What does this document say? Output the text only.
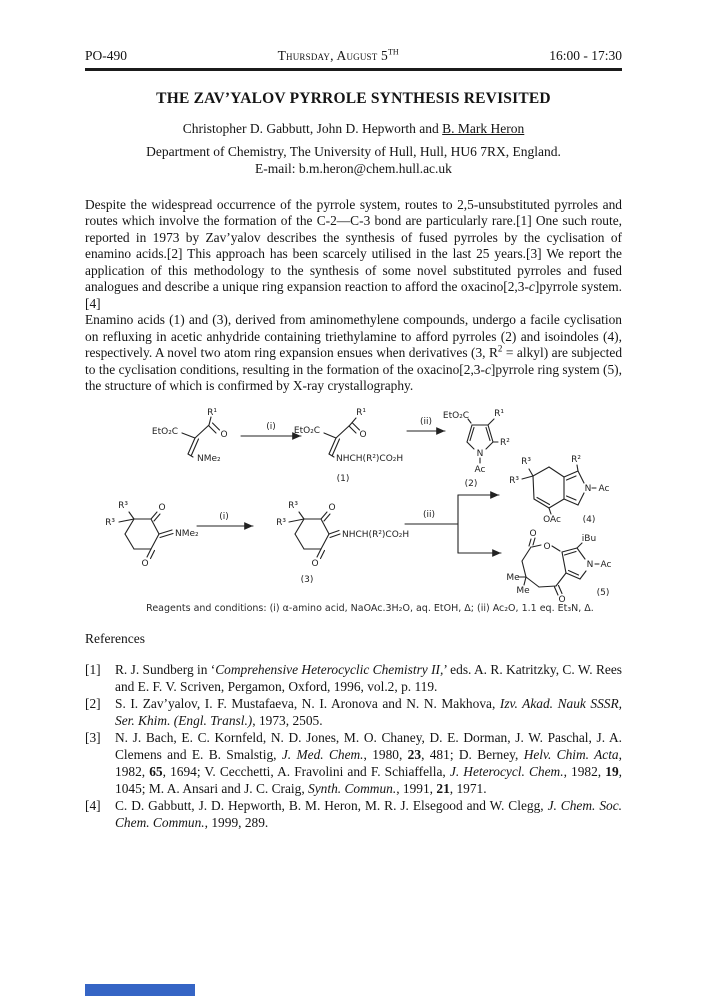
PO-490	Thursday, August 5TH	16:00 - 17:30
THE ZAV’YALOV PYRROLE SYNTHESIS REVISITED
Christopher D. Gabbutt, John D. Hepworth and B. Mark Heron
Department of Chemistry, The University of Hull, Hull, HU6 7RX, England.
E-mail: b.m.heron@chem.hull.ac.uk
Despite the widespread occurrence of the pyrrole system, routes to 2,5-unsubstituted pyrroles and routes which involve the formation of the C-2—C-3 bond are particularly rare.[1] One such route, reported in 1973 by Zav’yalov describes the synthesis of fused pyrroles by the cyclisation of enamino acids.[2] This approach has been scarcely utilised in the last 25 years.[3] We report the application of this methodology to the synthesis of some novel substituted pyrroles and fused analogues and describe a unique ring expansion reaction to afford the oxacino[2,3-c]pyrrole system.[4]
Enamino acids (1) and (3), derived from aminomethylene compounds, undergo a facile cyclisation on refluxing in acetic anhydride containing triethylamine to afford pyrroles (2) and isoindoles (4), respectively. A novel two atom ring expansion ensues when derivatives (3, $R^2$ = alkyl) are subjected to the cyclisation conditions, resulting in the formation of the oxacino[2,3-c]pyrrole ring system (5), the structure of which is confirmed by X-ray crystallography.
EtO₂C
R¹
O
NMe₂
(i) EtO₂C
R¹
O
NHCH(R²)CO₂H
(1)
(ii)
EtO₂C	R¹
R²
N
Ac
(2)
R³
R³
O
O
NMe₂
(i)
R³
R³
O
O
NHCH(R²)CO₂H
(3)
(ii)
R³
R³
R²
N Ac
OAc (4)
O
O
iBu
N Ac
Me
Me
O
(5)
Reagents and conditions: (i) α-amino acid, NaOAc.3H₂O, aq. EtOH, Δ; (ii) Ac₂O, 1.1 eq. Et₃N, Δ.
References
[1] R. J. Sundberg in ‘Comprehensive Heterocyclic Chemistry II,’ eds. A. R. Katritzky, C. W. Rees and E. F. V. Scriven, Pergamon, Oxford, 1996, vol.2, p. 119.
[2] S. I. Zav’yalov, I. F. Mustafaeva, N. I. Aronova and N. N. Makhova, Izv. Akad. Nauk SSSR, Ser. Khim. (Engl. Transl.), 1973, 2505.
[3] N. J. Bach, E. C. Kornfeld, N. D. Jones, M. O. Chaney, D. E. Dorman, J. W. Paschal, J. A. Clemens and E. B. Smalstig, J. Med. Chem., 1980, 23, 481; D. Berney, Helv. Chim. Acta, 1982, 65, 1694; V. Cecchetti, A. Fravolini and F. Schiaffella, J. Heterocycl. Chem., 1982, 19, 1045; M. A. Ansari and J. C. Craig, Synth. Commun., 1991, 21, 1971.
[4] C. D. Gabbutt, J. D. Hepworth, B. M. Heron, M. R. J. Elsegood and W. Clegg, J. Chem. Soc. Chem. Commun., 1999, 289.
